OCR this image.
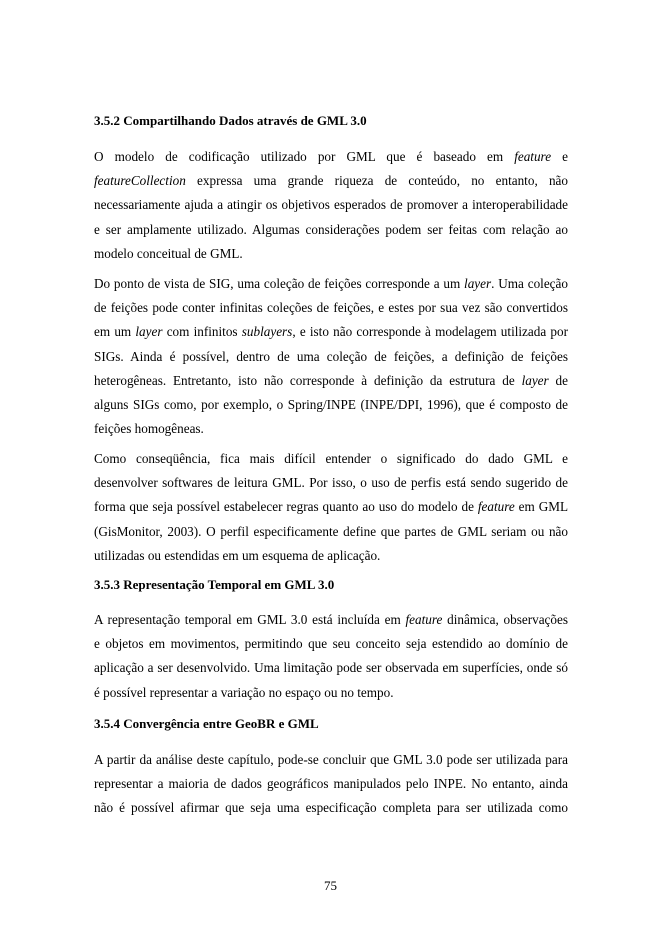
3.5.2 Compartilhando Dados através de GML 3.0
O modelo de codificação utilizado por GML que é baseado em feature e
featureCollection expressa uma grande riqueza de conteúdo, no entanto, não
necessariamente ajuda a atingir os objetivos esperados de promover a interoperabilidade
e ser amplamente utilizado. Algumas considerações podem ser feitas com relação ao
modelo conceitual de GML.
Do ponto de vista de SIG, uma coleção de feições corresponde a um layer. Uma coleção
de feições pode conter infinitas coleções de feições, e estes por sua vez são convertidos
em um layer com infinitos sublayers, e isto não corresponde à modelagem utilizada por
SIGs. Ainda é possível, dentro de uma coleção de feições, a definição de feições
heterogêneas. Entretanto, isto não corresponde à definição da estrutura de layer de
alguns SIGs como, por exemplo, o Spring/INPE (INPE/DPI, 1996), que é composto de
feições homogêneas.
Como conseqüência, fica mais difícil entender o significado do dado GML e
desenvolver softwares de leitura GML. Por isso, o uso de perfis está sendo sugerido de
forma que seja possível estabelecer regras quanto ao uso do modelo de feature em GML
(GisMonitor, 2003). O perfil especificamente define que partes de GML seriam ou não
utilizadas ou estendidas em um esquema de aplicação.
3.5.3 Representação Temporal em GML 3.0
A representação temporal em GML 3.0 está incluída em feature dinâmica, observações
e objetos em movimentos, permitindo que seu conceito seja estendido ao domínio de
aplicação a ser desenvolvido. Uma limitação pode ser observada em superfícies, onde só
é possível representar a variação no espaço ou no tempo.
3.5.4 Convergência entre GeoBR e GML
A partir da análise deste capítulo, pode-se concluir que GML 3.0 pode ser utilizada para
representar a maioria de dados geográficos manipulados pelo INPE. No entanto, ainda
não é possível afirmar que seja uma especificação completa para ser utilizada como
75
